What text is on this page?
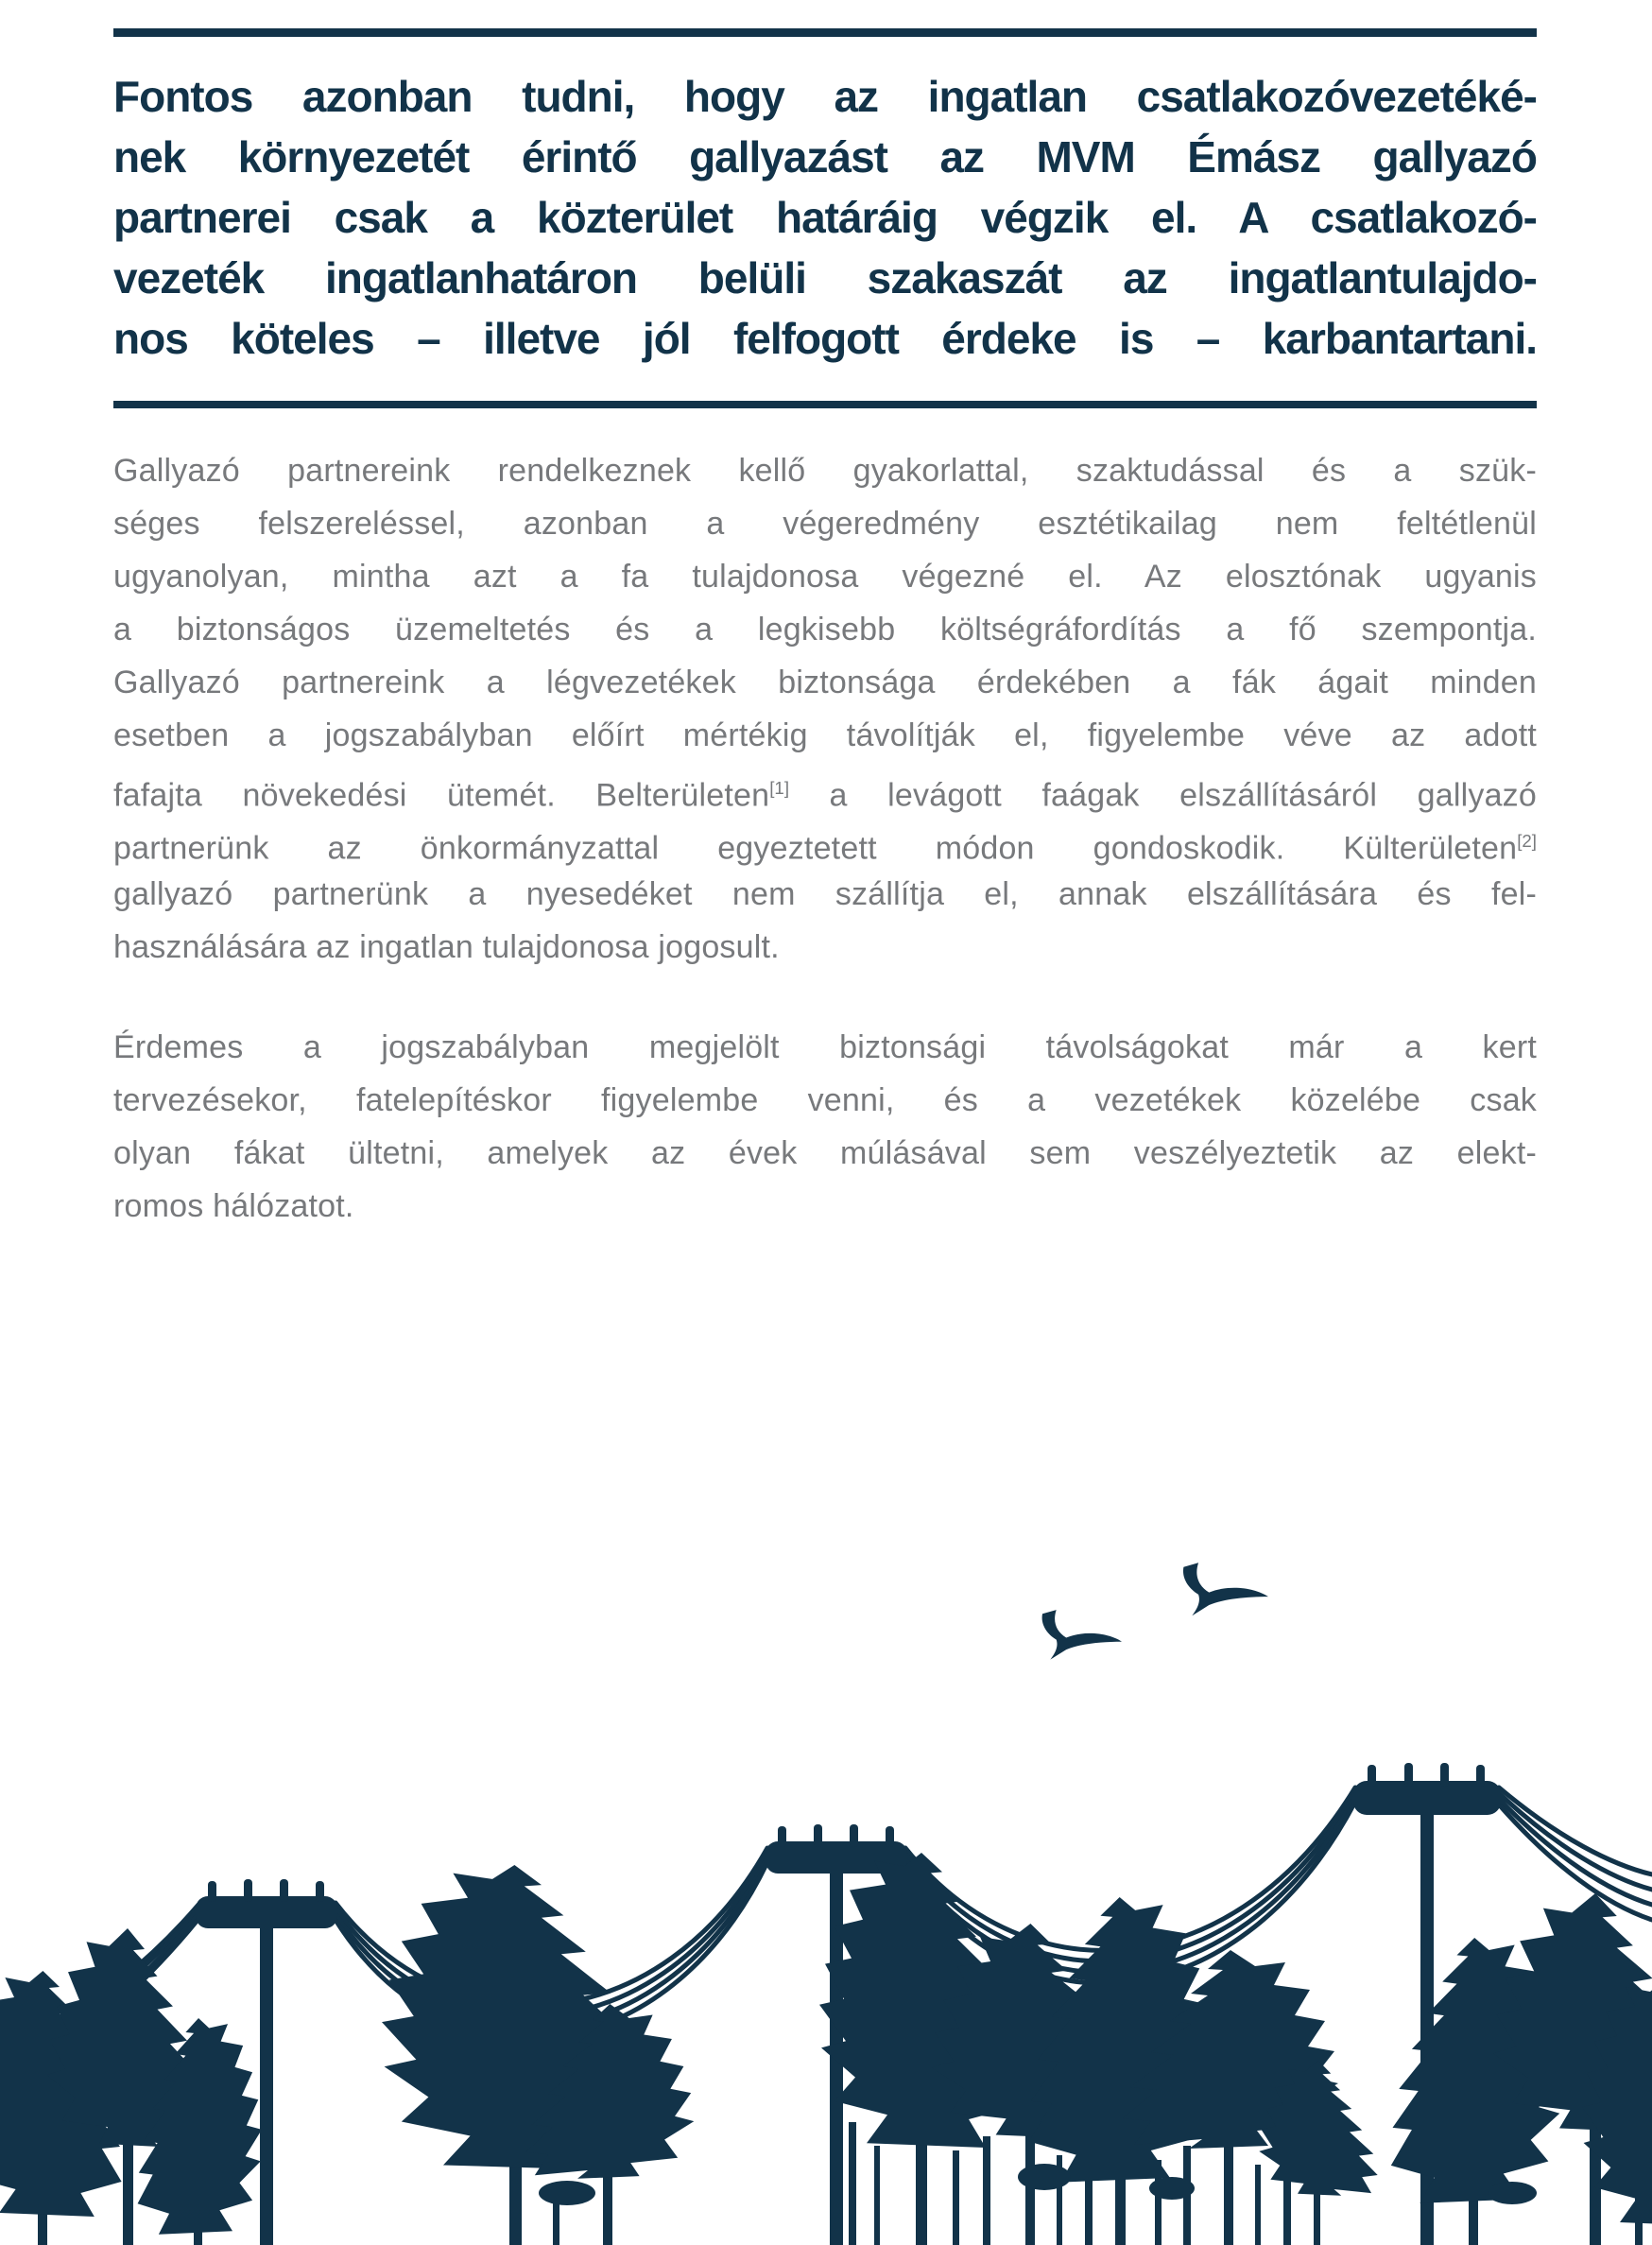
Fontos azonban tudni, hogy az ingatlan csatlakozóvezetéké-
nek környezetét érintő gallyazást az MVM Émász gallyazó
partnerei csak a közterület határáig végzik el. A csatlakozó-
vezeték ingatlanhatáron belüli szakaszát az ingatlantulajdo-
nos köteles – illetve jól felfogott érdeke is – karbantartani.

Gallyazó partnereink rendelkeznek kellő gyakorlattal, szaktudással és a szük-
séges felszereléssel, azonban a végeredmény esztétikailag nem feltétlenül
ugyanolyan, mintha azt a fa tulajdonosa végezné el. Az elosztónak ugyanis
a biztonságos üzemeltetés és a legkisebb költségráfordítás a fő szempontja.
Gallyazó partnereink a légvezetékek biztonsága érdekében a fák ágait minden
esetben a jogszabályban előírt mértékig távolítják el, figyelembe véve az adott
fafajta növekedési ütemét. Belterületen[1] a levágott faágak elszállításáról gallyazó
partnerünk az önkormányzattal egyeztetett módon gondoskodik. Külterületen[2]
gallyazó partnerünk a nyesedéket nem szállítja el, annak elszállítására és fel-
használására az ingatlan tulajdonosa jogosult.

Érdemes a jogszabályban megjelölt biztonsági távolságokat már a kert
tervezésekor, fatelepítéskor figyelembe venni, és a vezetékek közelébe csak
olyan fákat ültetni, amelyek az évek múlásával sem veszélyeztetik az elekt-
romos hálózatot.
